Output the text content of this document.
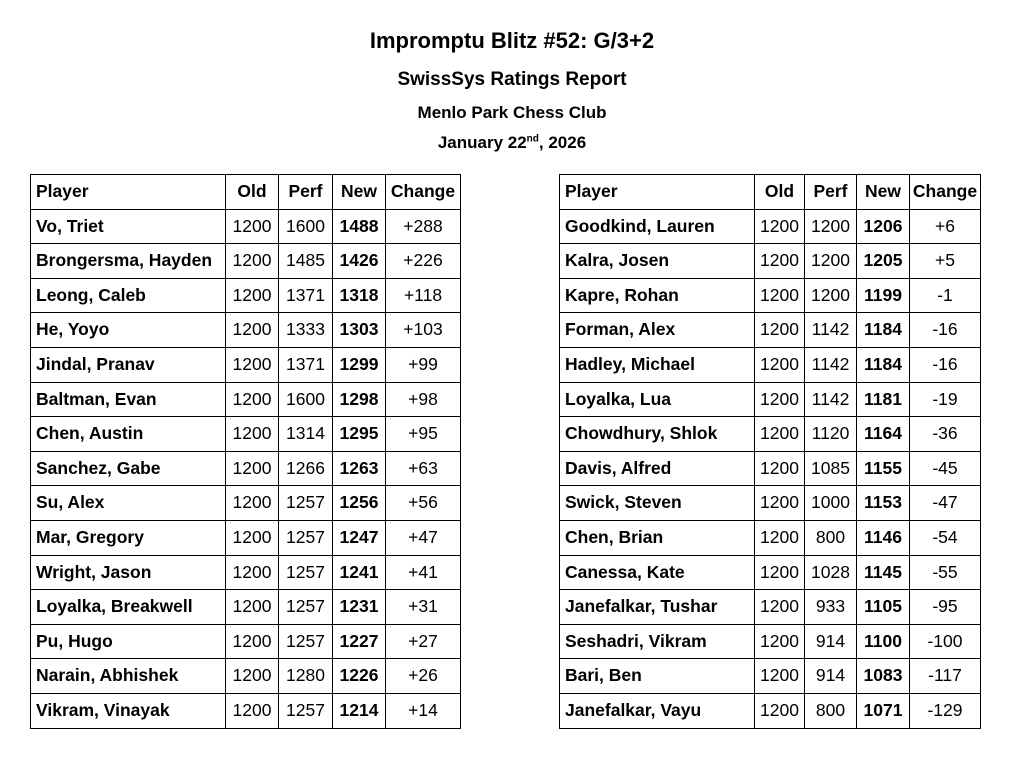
Impromptu Blitz #52: G/3+2
SwissSys Ratings Report
Menlo Park Chess Club
January 22nd, 2026
Player	Old	Perf	New	Change
Vo, Triet	1200	1600	1488	+288
Brongersma, Hayden	1200	1485	1426	+226
Leong, Caleb	1200	1371	1318	+118
He, Yoyo	1200	1333	1303	+103
Jindal, Pranav	1200	1371	1299	+99
Baltman, Evan	1200	1600	1298	+98
Chen, Austin	1200	1314	1295	+95
Sanchez, Gabe	1200	1266	1263	+63
Su, Alex	1200	1257	1256	+56
Mar, Gregory	1200	1257	1247	+47
Wright, Jason	1200	1257	1241	+41
Loyalka, Breakwell	1200	1257	1231	+31
Pu, Hugo	1200	1257	1227	+27
Narain, Abhishek	1200	1280	1226	+26
Vikram, Vinayak	1200	1257	1214	+14
Player	Old	Perf	New	Change
Goodkind, Lauren	1200	1200	1206	+6
Kalra, Josen	1200	1200	1205	+5
Kapre, Rohan	1200	1200	1199	-1
Forman, Alex	1200	1142	1184	-16
Hadley, Michael	1200	1142	1184	-16
Loyalka, Lua	1200	1142	1181	-19
Chowdhury, Shlok	1200	1120	1164	-36
Davis, Alfred	1200	1085	1155	-45
Swick, Steven	1200	1000	1153	-47
Chen, Brian	1200	800	1146	-54
Canessa, Kate	1200	1028	1145	-55
Janefalkar, Tushar	1200	933	1105	-95
Seshadri, Vikram	1200	914	1100	-100
Bari, Ben	1200	914	1083	-117
Janefalkar, Vayu	1200	800	1071	-129
